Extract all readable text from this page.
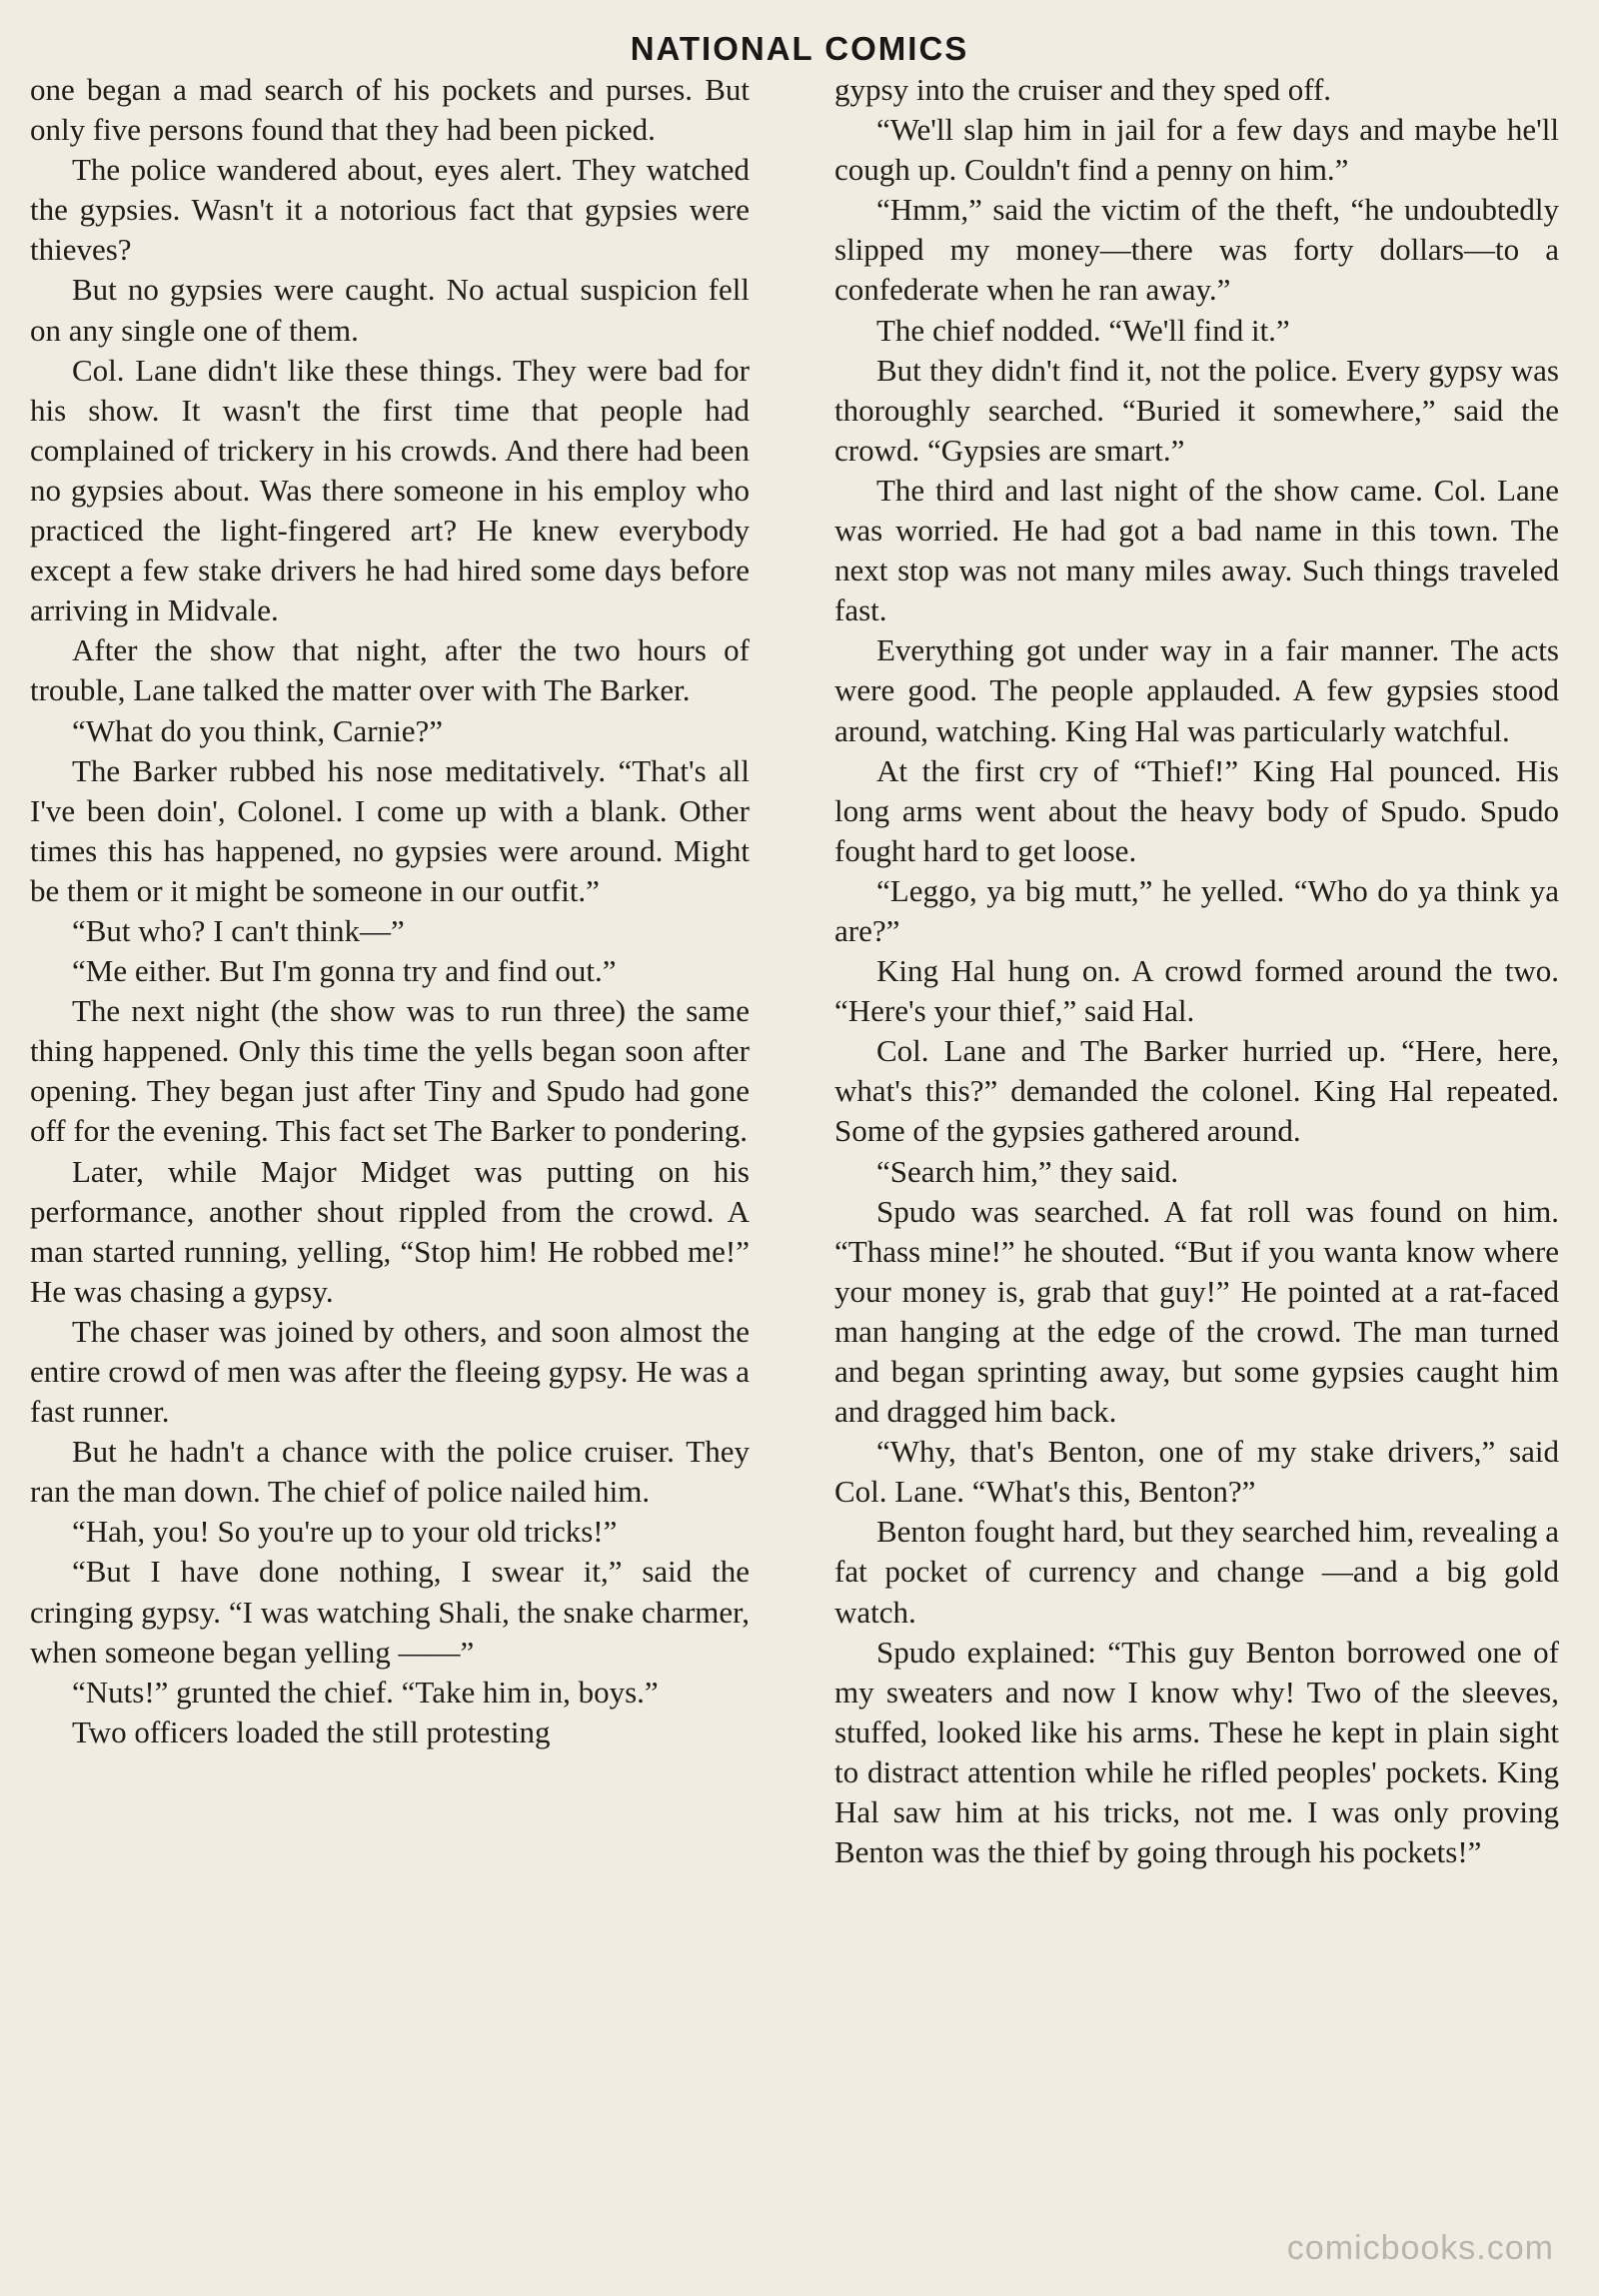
NATIONAL COMICS

one began a mad search of his pockets and purses. But only five persons found that they had been picked.

The police wandered about, eyes alert. They watched the gypsies. Wasn't it a notorious fact that gypsies were thieves?

But no gypsies were caught. No actual suspicion fell on any single one of them.

Col. Lane didn't like these things. They were bad for his show. It wasn't the first time that people had complained of trickery in his crowds. And there had been no gypsies about. Was there someone in his employ who practiced the light-fingered art? He knew everybody except a few stake drivers he had hired some days before arriving in Midvale.

After the show that night, after the two hours of trouble, Lane talked the matter over with The Barker.

“What do you think, Carnie?”

The Barker rubbed his nose meditatively. “That's all I've been doin', Colonel. I come up with a blank. Other times this has happened, no gypsies were around. Might be them or it might be someone in our outfit.”

“But who? I can't think—”

“Me either. But I'm gonna try and find out.”

The next night (the show was to run three) the same thing happened. Only this time the yells began soon after opening. They began just after Tiny and Spudo had gone off for the evening. This fact set The Barker to pondering.

Later, while Major Midget was putting on his performance, another shout rippled from the crowd. A man started running, yelling, “Stop him! He robbed me!” He was chasing a gypsy.

The chaser was joined by others, and soon almost the entire crowd of men was after the fleeing gypsy. He was a fast runner.

But he hadn't a chance with the police cruiser. They ran the man down. The chief of police nailed him.

“Hah, you! So you're up to your old tricks!”

“But I have done nothing, I swear it,” said the cringing gypsy. “I was watching Shali, the snake charmer, when someone began yelling ——”

“Nuts!” grunted the chief. “Take him in, boys.”

Two officers loaded the still protesting

gypsy into the cruiser and they sped off.

“We'll slap him in jail for a few days and maybe he'll cough up. Couldn't find a penny on him.”

“Hmm,” said the victim of the theft, “he undoubtedly slipped my money—there was forty dollars—to a confederate when he ran away.”

The chief nodded. “We'll find it.”

But they didn't find it, not the police. Every gypsy was thoroughly searched. “Buried it somewhere,” said the crowd. “Gypsies are smart.”

The third and last night of the show came. Col. Lane was worried. He had got a bad name in this town. The next stop was not many miles away. Such things traveled fast.

Everything got under way in a fair manner. The acts were good. The people applauded. A few gypsies stood around, watching. King Hal was particularly watchful.

At the first cry of “Thief!” King Hal pounced. His long arms went about the heavy body of Spudo. Spudo fought hard to get loose.

“Leggo, ya big mutt,” he yelled. “Who do ya think ya are?”

King Hal hung on. A crowd formed around the two. “Here's your thief,” said Hal.

Col. Lane and The Barker hurried up. “Here, here, what's this?” demanded the colonel. King Hal repeated. Some of the gypsies gathered around.

“Search him,” they said.

Spudo was searched. A fat roll was found on him. “Thass mine!” he shouted. “But if you wanta know where your money is, grab that guy!” He pointed at a rat-faced man hanging at the edge of the crowd. The man turned and began sprinting away, but some gypsies caught him and dragged him back.

“Why, that's Benton, one of my stake drivers,” said Col. Lane. “What's this, Benton?”

Benton fought hard, but they searched him, revealing a fat pocket of currency and change —and a big gold watch.

Spudo explained: “This guy Benton borrowed one of my sweaters and now I know why! Two of the sleeves, stuffed, looked like his arms. These he kept in plain sight to distract attention while he rifled peoples' pockets. King Hal saw him at his tricks, not me. I was only proving Benton was the thief by going through his pockets!”

comicbooks.com
